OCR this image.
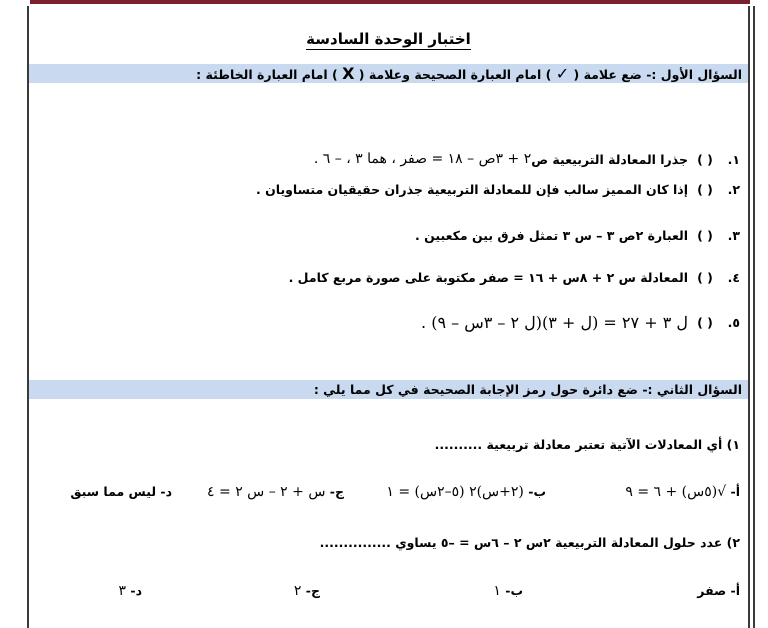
اختبار الوحدة السادسة
السؤال الأول :- ضع علامة ( ✓ ) امام العبارة الصحيحة وعلامة ( X ) امام العبارة الخاطئة :
١.
( )
جذرا المعادلة التربيعية ص
٢ + ٣ص – ١٨ = صفر ، هما ٣ ، – ٦ .
٢.
( )
إذا كان المميز سالب فإن للمعادلة التربيعية جذران حقيقيان متساويان .
٣.
( )
العبارة ٢ص ٣ – س ٣ تمثل فرق بين مكعبين .
٤.
( )
المعادلة س ٢ + ٨س + ١٦ = صفر مكتوبة على صورة مربع كامل .
٥.
( )
ل ٣ + ٢٧ = (ل + ٣)(ل ٢ – ٣س – ٩) .
السؤال الثاني :- ضع دائرة حول رمز الإجابة الصحيحة في كل مما يلي :
١) أي المعادلات الآتية تعتبر معادلة تربيعية ..........
أ- √(٥س) + ٦ = ٩
ب- (٢+س)٢ (٥–٢س) = ١
ج- س + ٢ – س ٢ = ٤
د- ليس مما سبق
٢) عدد حلول المعادلة التربيعية ٢س ٢ – ٦س = –٥ يساوي ...............
أ- صفر
ب- ١
ج- ٢
د- ٣
